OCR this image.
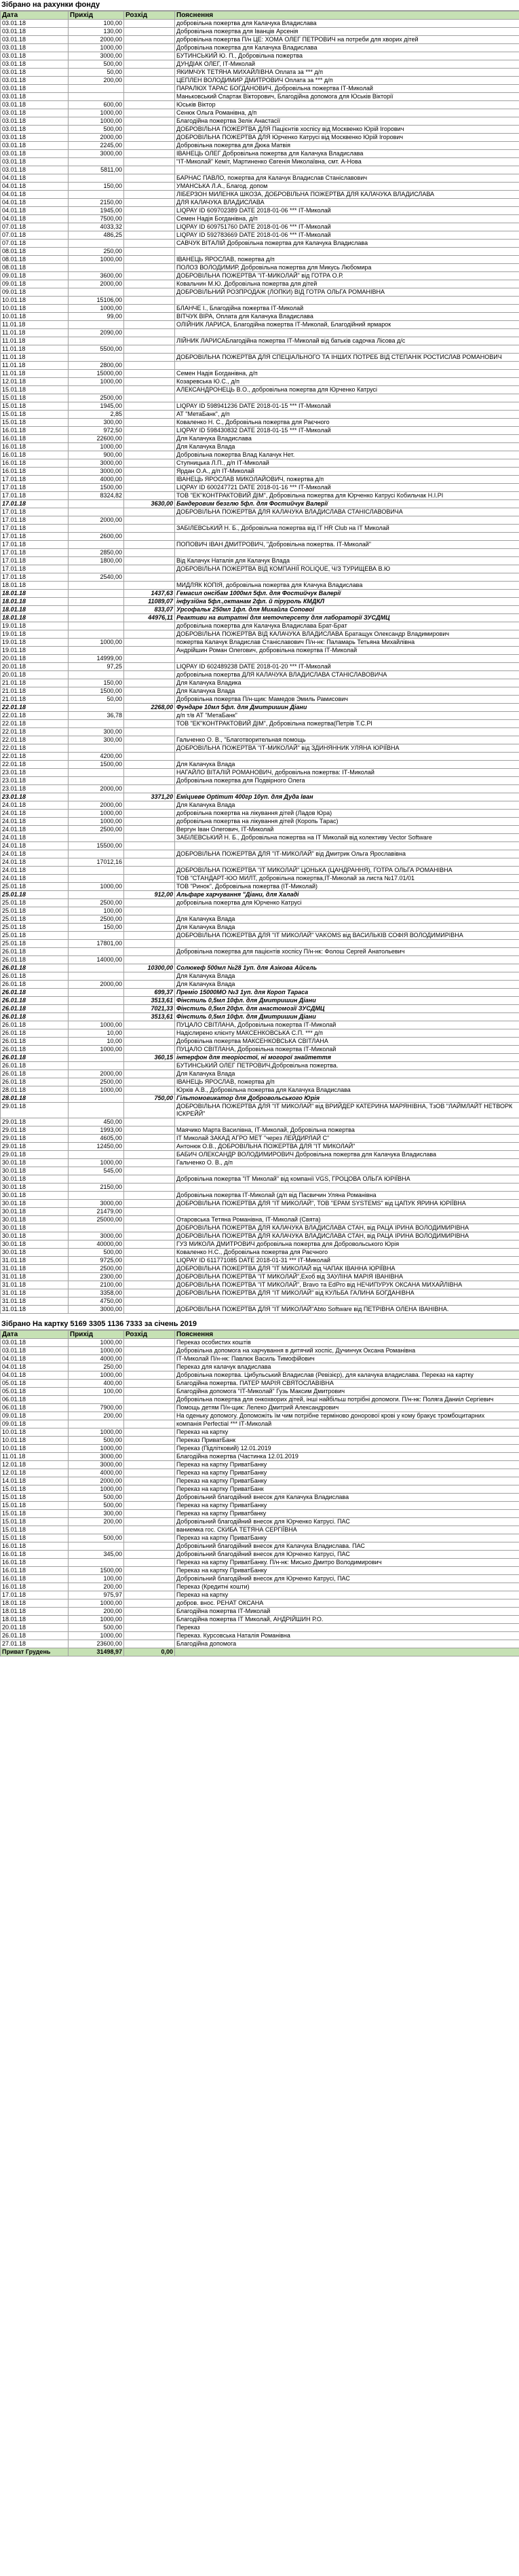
Зібрано на рахунки фонду
Дата	Прихід	Розхід	Пояснення
03.01.18	100,00		добровільна пожертва для Калачука Владислава
03.01.18	130,00		Добровільна пожертва для Іванців Арсенія
03.01.18	2000,00		добровільна пожертва П/н ЦЕ: ХОМА ОЛЕГ ПЕТРОВИЧ на потреби для хворих дітей
03.01.18	1000,00		Добровільна пожертва для Калачука Владислава
03.01.18	3000,00		БУТИНСЬКИЙ Ю. П., Добровільна пожертва
03.01.18	500,00		ДУНДІАК ОЛЕГ, ІТ-Миколай
03.01.18	50,00		ЯКИМЧУК ТЕТЯНА МИХАЙЛІВНА Оплата за *** д/п
03.01.18	200,00		ЦЕПЛЕН ВОЛОДИМИР ДМИТРОВИЧ Оплата за *** д/п
03.01.18			ПАРАЛЮХ ТАРАС БОГДАНОВИЧ, Добровільна пожертва ІТ-Миколай
03.01.18			Маньковський Спартак Вікторович, Благодійна допомога для Юськів Вікторії
03.01.18	600,00		Юськів Віктор
03.01.18	1000,00		Сенюк Ольга Романівна, д/п
03.01.18	1000,00		Благодійна пожертва Зелік Анастасії
03.01.18	500,00		ДОБРОВІЛЬНА ПОЖЕРТВА ДЛЯ Пацієнтів хоспісу від Москвенко Юрій Ігорович
03.01.18	2000,00		ДОБРОВІЛЬНА ПОЖЕРТВА ДЛЯ Юрченко Катрусі від Москвенко Юрій Ігорович
03.01.18	2245,00		Добровільна пожертва для Дюка Матвія
03.01.18	3000,00		ІВАНЕЦЬ ОЛЕГ Добровільна пожертва для Калачука Владислава
03.01.18			"ІТ-Миколай" Кеміт, Мартиненко Євгенія Миколаївна, смт. А-Нова
03.01.18	5811,00		
04.01.18			БАРНАС ПАВЛО, пожертва для Калачук Владислав Станіславович
04.01.18	150,00		УМАНСЬКА Л.А., Благод. допом
04.01.18			ЛІБЕРЗОН МИЛЕНКА ШКОЗА, ДОБРОВІЛЬНА ПОЖЕРТВА ДЛЯ КАЛАЧУКА ВЛАДИСЛАВА
04.01.18	2150,00		ДЛЯ КАЛАЧУКА ВЛАДИСЛАВА
04.01.18	1945,00		LIQPAY ID 609702389 DATE 2018-01-06 *** ІТ-Миколай
04.01.18	7500,00		Семен Надія Богданівна, д/п
07.01.18	4033,32		LIQPAY ID 609751760 DATE 2018-01-06 *** ІТ-Миколай
07.01.18	486,25		LIQPAY ID 592783669 DATE 2018-01-06 *** ІТ-Миколай
07.01.18			САВЧУК ВІТАЛІЙ Добровільна пожертва для Калачука Владислава
08.01.18	250,00		
08.01.18	1000,00		ІВАНЕЦЬ ЯРОСЛАВ, пожертва д/п
08.01.18			ПОЛОЗ ВОЛОДИМИР, Добровільна пожертва для Микусь Любомира
09.01.18	3600,00		ДОБРОВІЛЬНА ПОЖЕРТВА "ІТ-МИКОЛАЙ" від ГОТРА О.Р.
09.01.18	2000,00		Ковальчин М.Ю. Добровільна пожертва для дітей
09.01.18			ДОБРОВІЛЬНИЙ РОЗПРОДАЖ (ЛОПКИ) ВІД ГОТРА ОЛЬГА РОМАНІВНА
10.01.18	15106,00		
10.01.18	1000,00		БЛАНЧЕ І., Благодійна пожертва ІТ-Миколай
10.01.18	99,00		ВІТЧУК ВІРА, Оплата для Калачука Владислава
11.01.18			ОЛІЙНИК ЛАРИСА, Благодійна пожертва ІТ-Миколай, Благодійний ярмарок
11.01.18	2090,00		
11.01.18			ЛІЙНИК ЛАРИСАБлагодійна пожертва ІТ-Миколай від батьків садочка Лісова д/с
11.01.18	5500,00		
11.01.18			ДОБРОВІЛЬНА ПОЖЕРТВА ДЛЯ СПЕЦІАЛЬНОГО ТА ІНШИХ ПОТРЕБ ВІД СТЕПАНІК РОСТИСЛАВ РОМАНОВИЧ
11.01.18	2800,00		
11.01.18	15000,00		Семен Надія Богданівна, д/п
12.01.18	1000,00		Козаревська Ю.С., д/п
15.01.18			АЛЕКСАНДРОНЕЦЬ В.О., добровільна пожертва для Юрченко Катрусі
15.01.18	2500,00		
15.01.18	1945,00		LIQPAY ID 598941236 DATE 2018-01-15 *** ІТ-Миколай
15.01.18	2,85		АТ "МетаБанк", д/п
15.01.18	300,00		Коваленко Н. С., Добровільна пожертва для Раєчного
16.01.18	972,50		LIQPAY ID 598430832 DATE 2018-01-15 *** ІТ-Миколай
16.01.18	22600,00		Для Калачука Владислава
16.01.18	1000,00		Для Калачука Влада
16.01.18	900,00		Добровільна пожертва Влад Калачук Нет.
16.01.18	3000,00		Ступницька Л.П., д/п ІТ-Миколай
16.01.18	3000,00		Ярдан О.А., д/п ІТ-Миколай
17.01.18	4000,00		ІВАНЕЦЬ ЯРОСЛАВ МИКОЛАЙОВИЧ, пожертва д/п
17.01.18	1500,00		LIQPAY ID 600247721 DATE 2018-01-16 *** ІТ-Миколай
17.01.18	8324,82		ТОВ "ЕК"КОНТРАКТОВИЙ ДІМ", Добровільна пожертва для Юрченко Катрусі Кобильчак Н.І.РІ
17.01.18		3630,00	Бандеровим безглю 5фл. для Фостийчук Валерії
17.01.18			ДОБРОВІЛЬНА ПОЖЕРТВА ДЛЯ КАЛАЧУКА ВЛАДИСЛАВА СТАНІСЛАВОВИЧА
17.01.18	2000,00		
17.01.18			ЗАБІЛЕВСЬКИЙ Н. Б., Добровільна пожертва від IT HR Club на IT Миколай
17.01.18	2600,00		
17.01.18			ПОПОВИЧ ІВАН ДМИТРОВИЧ, "Добровільна пожертва. ІТ-Миколай"
17.01.18	2850,00		
17.01.18	1800,00		Від Калачук Наталія для Калачук Влада
17.01.18			ДОБРОВІЛЬНА ПОЖЕРТВА ВІД КОМПАНІЇ ROLIQUE, Ч/З ТУРИЩЕВА В.Ю
17.01.18	2540,00		
18.01.18			МИДЛЯК КОПІЯ, добровільна пожертва для Клачука Владислава
18.01.18		1437,63	Гемасил онсібам 1000мл 5фл. для Фостийчук Валерії
18.01.18		11089,07	інфузійна 5фл.,октанам 2фл. й піруроль КМДКЛ
18.01.18		833,07	Урсофальк 250мл 1фл. для Михайла Сопової
18.01.18		44976,11	Реактиви на витратні для меточперсету для лабораторії ЗУСДМЦ
19.01.18			добровільна пожертва для Калачука Владислава Брат-Брат
19.01.18			ДОБРОВІЛЬНА ПОЖЕРТВА ВІД КАЛАЧУКА ВЛАДИСЛАВА Братащук Олександр Владимирович
19.01.18	1000,00		пожертва Калачук Владислав Станіславович П/н-нк: Паламарь Тетьяна Михайлівна
19.01.18			Андрійшин Роман Олегович, добровільна пожертва ІТ-Миколай
20.01.18	14999,00		
20.01.18	97,25		LIQPAY ID 602489238 DATE 2018-01-20 *** ІТ-Миколай
20.01.18			добровільна пожертва ДЛЯ КАЛАЧУКА ВЛАДИСЛАВА СТАНІСЛАВОВИЧА
21.01.18	150,00		Для Калачука Владика
21.01.18	1500,00		Для Калачука Влада
21.01.18	50,00		Добровільна пожертва П/н-щик: Мамедов Эмиль Рамисович
22.01.18		2268,00	Фундаре 10мл 5фл. для Дмитришин Діани
22.01.18	36,78		д/п т/в АТ "МетаБанк"
22.01.18			ТОВ "ЕК"КОНТРАКТОВИЙ ДІМ", Добровільна пожертва(Петрів Т.С.РІ
22.01.18	300,00		
22.01.18	300,00		Гальченко О. В., "Благотворительная помощь
22.01.18			ДОБРОВІЛЬНА ПОЖЕРТВА "ІТ-МИКОЛАЙ" від ЗДИНЯННИК УЛЯНА ЮРІЇВНА
22.01.18	4200,00		
22.01.18	1500,00		Для Калачука Влада
23.01.18			НАГАЙЛО ВІТАЛІЙ РОМАНОВИЧ, добровільна пожертва: ІТ-Миколай
23.01.18			Добровільна пожертва для Подвірного Олега
23.01.18	2000,00		
23.01.18		3371,20	Еміциеве Optimum 400гр 10уп. для Дуда Іван
24.01.18	2000,00		Для Калачука Влада
24.01.18	1000,00		добровільна пожертва на лікування дітей (Ладов Юра)
24.01.18	1000,00		добровільна пожертва на лікування дітей (Коропь Тарас)
24.01.18	2500,00		Вергун Іван Олегович, ІТ-Миколай
24.01.18			ЗАБІЛЕВСЬКИЙ Н. Б., Добровільна пожертва на IT Миколай від колективу Vector Software
24.01.18	15500,00		
24.01.18			ДОБРОВІЛЬНА ПОЖЕРТВА ДЛЯ "ІТ-МИКОЛАЙ" від Дмитрик Ольга Ярославівна
24.01.18	17012,16		
24.01.18			ДОБРОВІЛЬНА ПОЖЕРТВА "ІТ МИКОЛАЙ" ЦОНЬКА (ЦАНДРАННЯ), ГОТРА ОЛЬГА РОМАНІВНА
24.01.18			ТОВ "СТАНДАРТ-ЮО МИЛТ, добровільна пожертва,ІТ-Миколай за листа №17.01/01
25.01.18	1000,00		ТОВ "Ринок", Добровільна пожертва (ІТ-Миколай)
25.01.18		912,00	Альфаре харчування "Діани, для Халаді
25.01.18	2500,00		добровільна пожертва для Юрченко Катрусі
25.01.18	100,00		
25.01.18	2500,00		Для Калачука Влада
25.01.18	150,00		Для Калачука Влада
25.01.18			ДОБРОВІЛЬНА ПОЖЕРТВА ДЛЯ "ІТ МИКОЛАЙ" VAKOMS від ВАСИЛЬКІВ СОФІЯ ВОЛОДИМИРІВНА
25.01.18	17801,00		
26.01.18			Добровільна пожертва для пацієнтів хоспісу П/н-нк: Фолош Сергей Анатольевич
26.01.18	14000,00		
26.01.18		10300,00	Солюкеф 500мл №28 1уп. для Азікова Айсель
26.01.18			Для Калачука Влада
26.01.18	2000,00		Для Калачука Влада
26.01.18		699,37	Преміо 15000МО №3 1уп. для Короп Тараса
26.01.18		3513,61	Фінстиль 0,5мл 10фл. для Дмитришин Діани
26.01.18		7021,33	Фінстиль 0,5мл 20фл. для анастомозії ЗУСДМЦ
26.01.18		3513,61	Фінстиль 0,5мл 10фл. для Дмитришин Діани
26.01.18	1000,00		ПУЦАЛО СВІТЛАНА, Добровільна пожертва ІТ-Миколай
26.01.18	10,00		Надіслирено клієнту МАКСЕНКОВСЬКА С.П. *** д/п
26.01.18	10,00		Добровільна пожертва МАКСЕНКОВСЬКА СВІТЛАНА
26.01.18	1000,00		ПУЦАЛО СВІТЛАНА, Добровільна пожертва ІТ-Миколай
26.01.18		360,15	інтерфон для теоріостої, ні могорої знайтеття
26.01.18			БУТИНСЬКИЙ ОЛЕГ ПЕТРОВИЧ,Добровільна пожертва.
26.01.18	2000,00		Для Калачука Влада
26.01.18	2500,00		ІВАНЕЦЬ ЯРОСЛАВ, пожертва д/п
28.01.18	1000,00		Юрків А.В., Добровільна пожертва для Калачука Владислава
28.01.18		750,00	Гільтомовикатор для Добровольського Юрія
29.01.18			ДОБРОВІЛЬНА ПОЖЕРТВА ДЛЯ "ІТ МИКОЛАЙ" від ВРИЙДЕР КАТЕРИНА МАРЯНІВНА, ТзОВ "ЛАЙМЛАЙТ НЕТВОРК ІСКРЕЙЙ"
29.01.18	450,00		
29.01.18	1993,00		Маячико Марта Василівна, ІТ-Миколай, Добровільна пожертва
29.01.18	4605,00		ІТ Миколай ЗАКАД АГРО МЕТ "через ЛЕЙДИРЛАЙ С"
29.01.18	12450,00		Антонюк О.В., ДОБРОВІЛЬНА ПОЖЕРТВА ДЛЯ "ІТ МИКОЛАЙ"
29.01.18			БАБИЧ ОЛЕКСАНДР ВОЛОДИМИРОВИЧ Добровільна пожертва для Калачука Владислава
30.01.18	1000,00		Гальченко О. В., д/п
30.01.18	545,00		
30.01.18			Добровільна пожертва "ІТ Миколай" від компанії VGS, ГРОЦОВА ОЛЬГА ЮРІЇВНА
30.01.18	2150,00		
30.01.18			Добровільна пожертва ІТ-Миколай (д/п від Пасвичин Улянa Романівна
30.01.18	3000,00		ДОБРОВІЛЬНА ПОЖЕРТВА ДЛЯ "ІТ МИКОЛАЙ", ТОВ "ЕРАМ SYSTEMS" від ЦАПУК ЯРИНА ЮРІЇВНА
30.01.18	21479,00		
30.01.18	25000,00		Отаровська Тетяна Романівна, ІТ-Миколай (Свята)
30.01.18			ДОБРОВІЛЬНА ПОЖЕРТВА ДЛЯ КАЛАЧУКА ВЛАДИСЛАВА СТАН, від РАЦА ІРИНА ВОЛОДИМИРІВНА
30.01.18	3000,00		ДОБРОВІЛЬНА ПОЖЕРТВА ДЛЯ КАЛАЧУКА ВЛАДИСЛАВА СТАН, від РАЦА ІРИНА ВОЛОДИМИРІВНА
30.01.18	40000,00		ГУЗ МИКОЛА ДМИТРОВИЧ добровільна пожертва для Добровольського Юрія
30.01.18	500,00		Коваленко Н.С., Добровільна пожертва для Раєчного
31.01.18	9725,00		LIQPAY ID 611771085 DATE 2018-01-31 *** ІТ-Миколай
31.01.18	2500,00		ДОБРОВІЛЬНА ПОЖЕРТВА ДЛЯ "ІТ МИКОЛАЙ від ЧАПАК ІВАННА ЮРІЇВНА
31.01.18	2300,00		ДОБРОВІЛЬНА ПОЖЕРТВА "ІТ МИКОЛАЙ",Ехоб від ЗАУЛІНА МАРІЯ ІВАНІВНА
31.01.18	2100,00		ДОБРОВІЛЬНА ПОЖЕРТВА "ІТ МИКОЛАЙ", Bravo та EdPro від НЕЧИПУРУК ОКСАНА МИХАЙЛІВНА
31.01.18	3358,00		ДОБРОВІЛЬНА ПОЖЕРТВА ДЛЯ "ІТ МИКОЛАЙ" від КУЛЬБА ГАЛИНА БОГДАНІВНА
31.01.18	4750,00		
31.01.18	3000,00		ДОБРОВІЛЬНА ПОЖЕРТВА ДЛЯ "ІТ МИКОЛАЙ"Abto Software від ПЕТРІВНА ОЛЕНА ІВАНІВНА.
Зібрано На картку 5169 3305 1136 7333 за січень 2019
Дата	Прихід	Розхід	Пояснення
03.01.18	1000,00		Переказ особистих коштів
03.01.18	1000,00		Добровільна допомога на харчування в дитячий хоспіс, Дучинчук Оксана Романівна
04.01.18	4000,00		ІТ-Миколай П/н-нк: Павлюк Василь Тимофійович
04.01.18	250,00		Переказ для калачук владислава
04.01.18	1000,00		Добровільна пожертва. Цибульський Владислав (Ревізієр), для калачука владислава. Переказ на картку
05.01.18	400,00		Благодійна пожертва. ПАТЕР МАРІЯ СВЯТОСЛАВІВНА
05.01.18	100,00		Благодійна допомога "ІТ-Миколай" Гузь Максим Дмитрович
06.01.18			Добровільна пожертва для онкохворих дітей, інші найбільш потрібні допомоги. П/н-нк: Поляга Даниіл Сергіевич
06.01.18	7900,00		Помощь детям П/н-щик: Лелеко Дмитрий Александрович
09.01.18	200,00		На оденьку допомогу. Допоможіть їм чим потрібне терміново донорової крові у кому бракує тромбоцитарних
09.01.18			компанія Perfectial *** ІТ-Миколай
10.01.18	1000,00		Переказ на картку
10.01.18	500,00		Переказ ПриватБанк
10.01.18	1000,00		Переказ (Підлітковий) 12.01.2019
11.01.18	3000,00		Благодійна пожертва (Частинка 12.01.2019
12.01.18	3000,00		Переказ на картку ПриватБанку
12.01.18	4000,00		Переказ на картку ПриватБанку
14.01.18	2000,00		Переказ на картку ПриватБанку
15.01.18	1000,00		Переказ на картку ПриватБанк
15.01.18	500,00		Добровільний благодійний внесок для Калачука Владислава
15.01.18	500,00		Переказ на картку ПриватБанку
15.01.18	300,00		Переказ на картку Приватбанку
15.01.18	200,00		Добровільний благодійний внесок для Юрченко Катрусі. ПАС
15.01.18			ваниемка гос. СКИБА ТЕТЯНА СЕРГІЇВНА
15.01.18	500,00		Переказ на картку ПриватБанку
16.01.18			Добровільний благодійний внесок для Калачука Владислава. ПАС
16.01.18	345,00		Добровільний благодійний внесок для Юрченко Катрусі, ПАС
16.01.18			Переказ на картку ПриватБанку. П/н-нк: Мисько Дмитро Володимирович
16.01.18	1500,00		Переказ на картку ПриватБанку
16.01.18	100,00		Добровільний благодійний внесок для Юрченко Катрусі, ПАС
16.01.18	200,00		Переказ (Кредитні кошти)
17.01.18	975,97		Переказ на картку
18.01.18	1000,00		добров. внос. РЕНАТ ОКСАНА
18.01.18	200,00		Благодійна пожертва ІТ-Миколай
18.01.18	1000,00		Благодійна пожертва ІТ Миколай, АНДРІЙШИН Р.О.
20.01.18	500,00		Переказ
26.01.18	1000,00		Переказ. Курсовська Наталія Романівна
27.01.18	23600,00		Благодійна допомога
Приват Грудень	31498,97	0,00	
